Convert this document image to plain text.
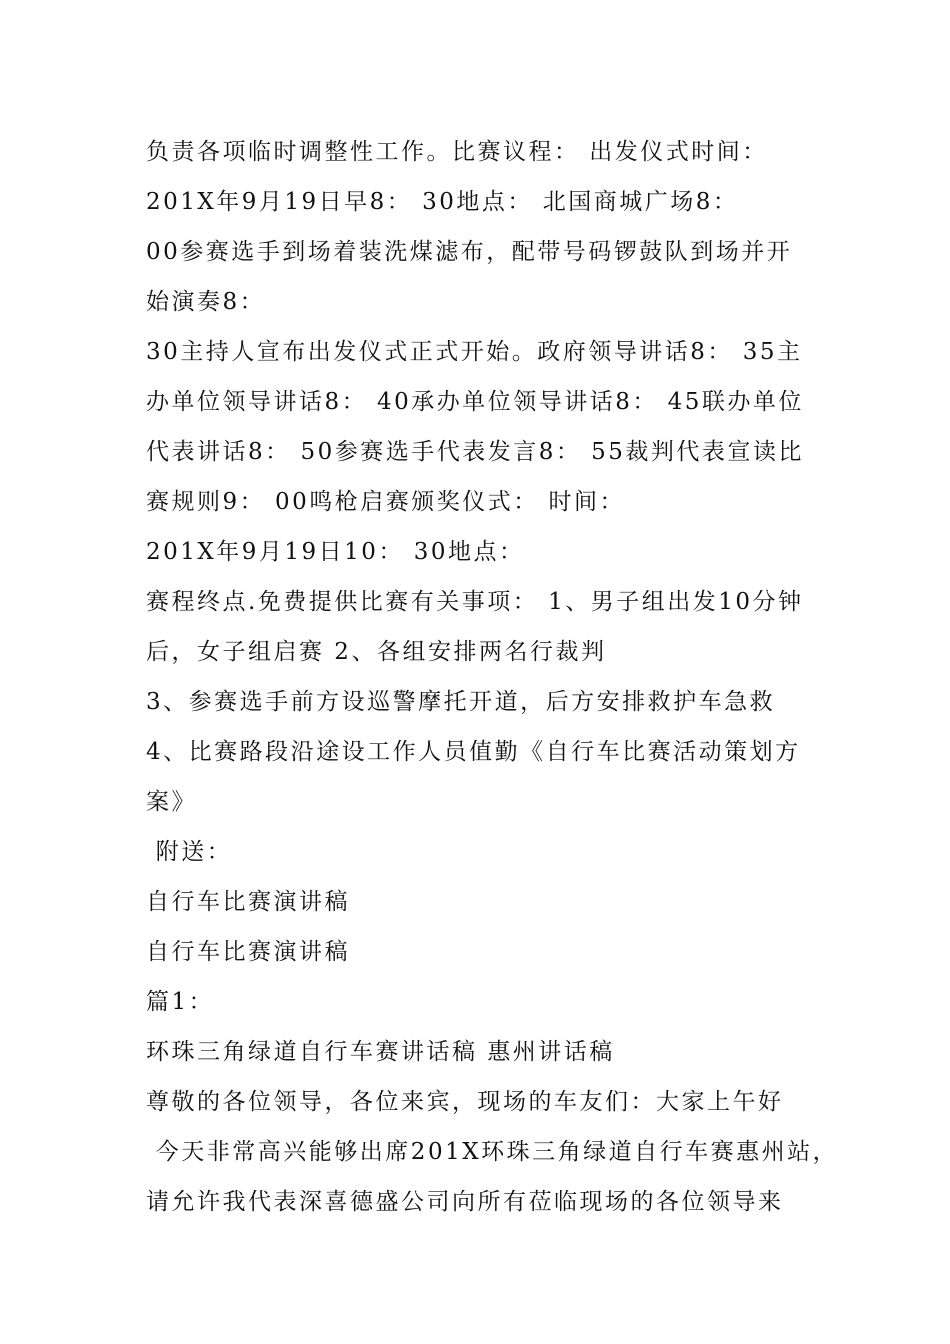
负责各项临时调整性工作。比赛议程： 出发仪式时间：
201X年9月19日早8： 30地点： 北国商城广场8：
00参赛选手到场着装洗煤滤布，配带号码锣鼓队到场并开
始演奏8：
30主持人宣布出发仪式正式开始。政府领导讲话8： 35主
办单位领导讲话8： 40承办单位领导讲话8： 45联办单位
代表讲话8： 50参赛选手代表发言8： 55裁判代表宣读比
赛规则9： 00鸣枪启赛颁奖仪式： 时间：
201X年9月19日10： 30地点：
赛程终点.免费提供比赛有关事项： 1、男子组出发10分钟
后，女子组启赛 2、各组安排两名行裁判
3、参赛选手前方设巡警摩托开道，后方安排救护车急救
4、比赛路段沿途设工作人员值勤《自行车比赛活动策划方
案》
附送：
自行车比赛演讲稿
自行车比赛演讲稿
篇1：
环珠三角绿道自行车赛讲话稿 惠州讲话稿
尊敬的各位领导，各位来宾，现场的车友们：大家上午好
今天非常高兴能够出席201X环珠三角绿道自行车赛惠州站，
请允许我代表深喜德盛公司向所有莅临现场的各位领导来
